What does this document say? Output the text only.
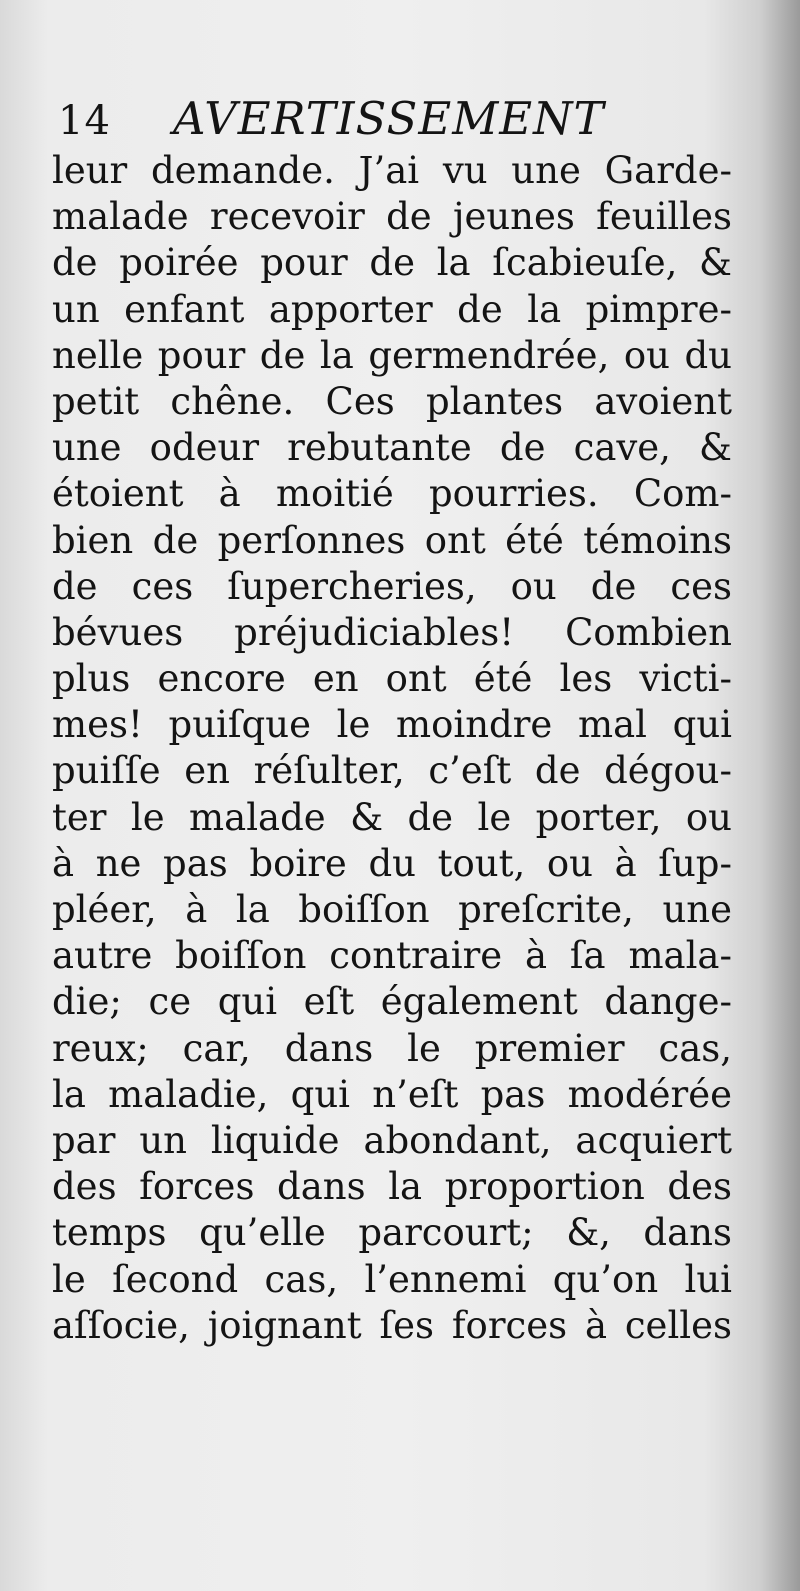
14 AVERTISSEMENT
leur demande. J’ai vu une Garde-
malade recevoir de jeunes feuilles
de poirée pour de la ſcabieuſe, &
un enfant apporter de la pimpre-
nelle pour de la germendrée, ou du
petit chêne. Ces plantes avoient
une odeur rebutante de cave, &
étoient à moitié pourries. Com-
bien de perſonnes ont été témoins
de ces ſupercheries, ou de ces
bévues préjudiciables! Combien
plus encore en ont été les victi-
mes! puiſque le moindre mal qui
puiſſe en réſulter, c’eſt de dégou-
ter le malade & de le porter, ou
à ne pas boire du tout, ou à ſup-
pléer, à la boiſſon preſcrite, une
autre boiſſon contraire à ſa mala-
die; ce qui eſt également dange-
reux; car, dans le premier cas,
la maladie, qui n’eſt pas modérée
par un liquide abondant, acquiert
des forces dans la proportion des
temps qu’elle parcourt; &, dans
le ſecond cas, l’ennemi qu’on lui
aſſocie, joignant ſes forces à celles
